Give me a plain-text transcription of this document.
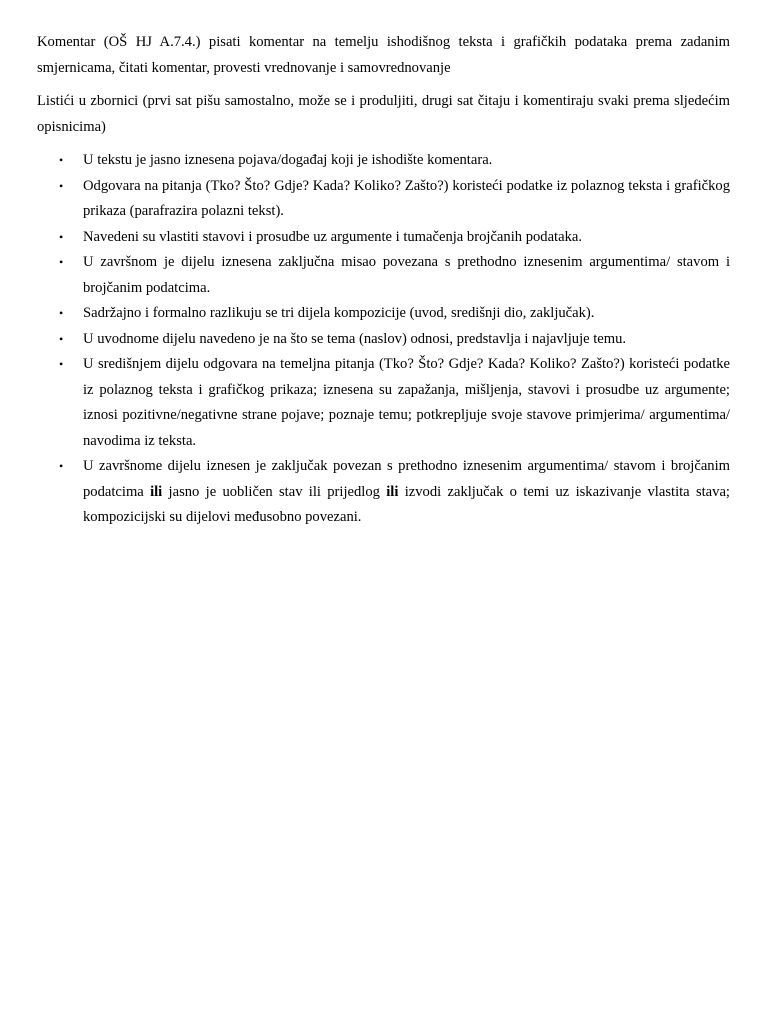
Komentar (OŠ HJ A.7.4.) pisati komentar na temelju ishodišnog teksta i grafičkih podataka prema zadanim smjernicama, čitati komentar, provesti vrednovanje i samovrednovanje

Listići u zbornici (prvi sat pišu samostalno, može se i produljiti, drugi sat čitaju i komentiraju svaki prema sljedećim opisnicima)

• U tekstu je jasno iznesena pojava/događaj koji je ishodište komentara.
• Odgovara na pitanja (Tko? Što? Gdje? Kada? Koliko? Zašto?) koristeći podatke iz polaznog teksta i grafičkog prikaza (parafrazira polazni tekst).
• Navedeni su vlastiti stavovi i prosudbe uz argumente i tumačenja brojčanih podataka.
• U završnom je dijelu iznesena zaključna misao povezana s prethodno iznesenim argumentima/ stavom i brojčanim podatcima.
• Sadržajno i formalno razlikuju se tri dijela kompozicije (uvod, središnji dio, zaključak).
• U uvodnome dijelu navedeno je na što se tema (naslov) odnosi, predstavlja i najavljuje temu.
• U središnjem dijelu odgovara na temeljna pitanja (Tko? Što? Gdje? Kada? Koliko? Zašto?) koristeći podatke iz polaznog teksta i grafičkog prikaza; iznesena su zapažanja, mišljenja, stavovi i prosudbe uz argumente; iznosi pozitivne/negativne strane pojave; poznaje temu; potkrepljuje svoje stavove primjerima/ argumentima/ navodima iz teksta.
• U završnome dijelu iznesen je zaključak povezan s prethodno iznesenim argumentima/ stavom i brojčanim podatcima ili jasno je uobličen stav ili prijedlog ili izvodi zaključak o temi uz iskazivanje vlastita stava; kompozicijski su dijelovi međusobno povezani.
